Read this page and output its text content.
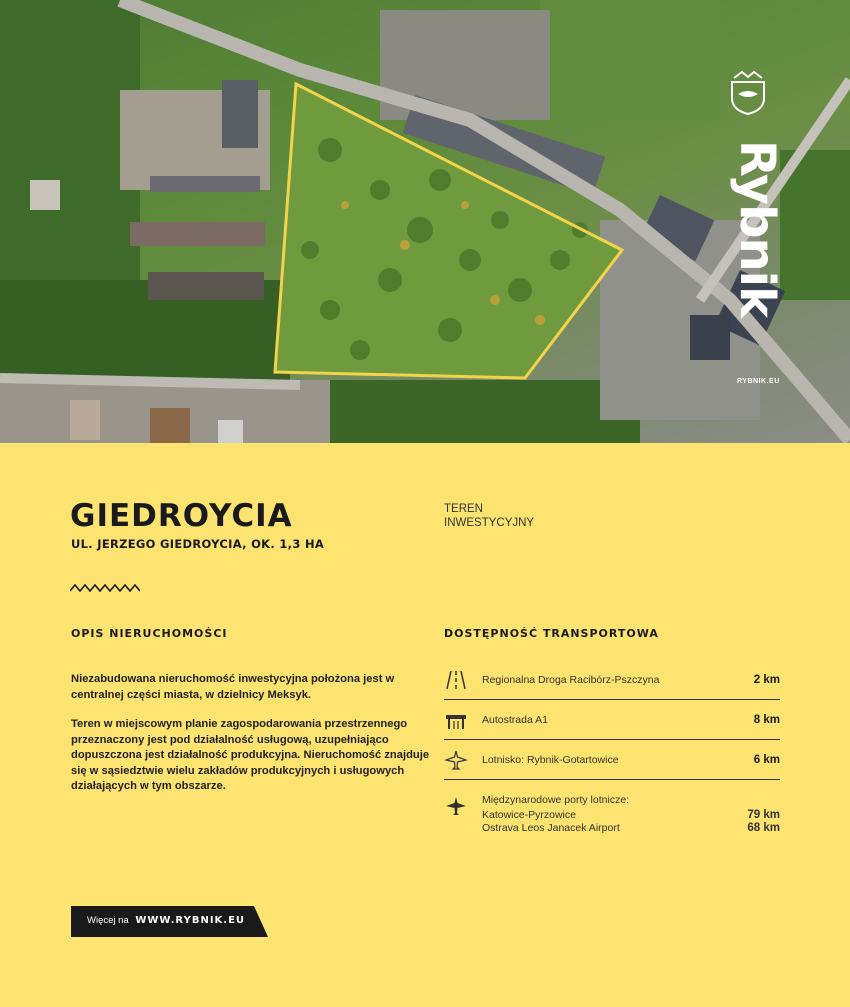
Rybnik
RYBNIK.EU
GIEDROYCIA
UL. JERZEGO GIEDROYCIA, OK. 1,3 HA
TEREN INWESTYCYJNY
OPIS NIERUCHOMOŚCI

Niezabudowana nieruchomość inwestycyjna położona jest w centralnej części miasta, w dzielnicy Meksyk.

Teren w miejscowym planie zagospodarowania przestrzennego przeznaczony jest pod działalność usługową, uzupełniająco dopuszczona jest działalność produkcyjna. Nieruchomość znajduje się w sąsiedztwie wielu zakładów produkcyjnych i usługowych działających w tym obszarze.

DOSTĘPNOŚĆ TRANSPORTOWA
Regionalna Droga Racibórz-Pszczyna	2 km
Autostrada A1	8 km
Lotnisko: Rybnik-Gotartowice	6 km
Międzynarodowe porty lotnicze:
Katowice-Pyrzowice	79 km
Ostrava Leos Janacek Airport	68 km
Więcej na WWW.RYBNIK.EU
